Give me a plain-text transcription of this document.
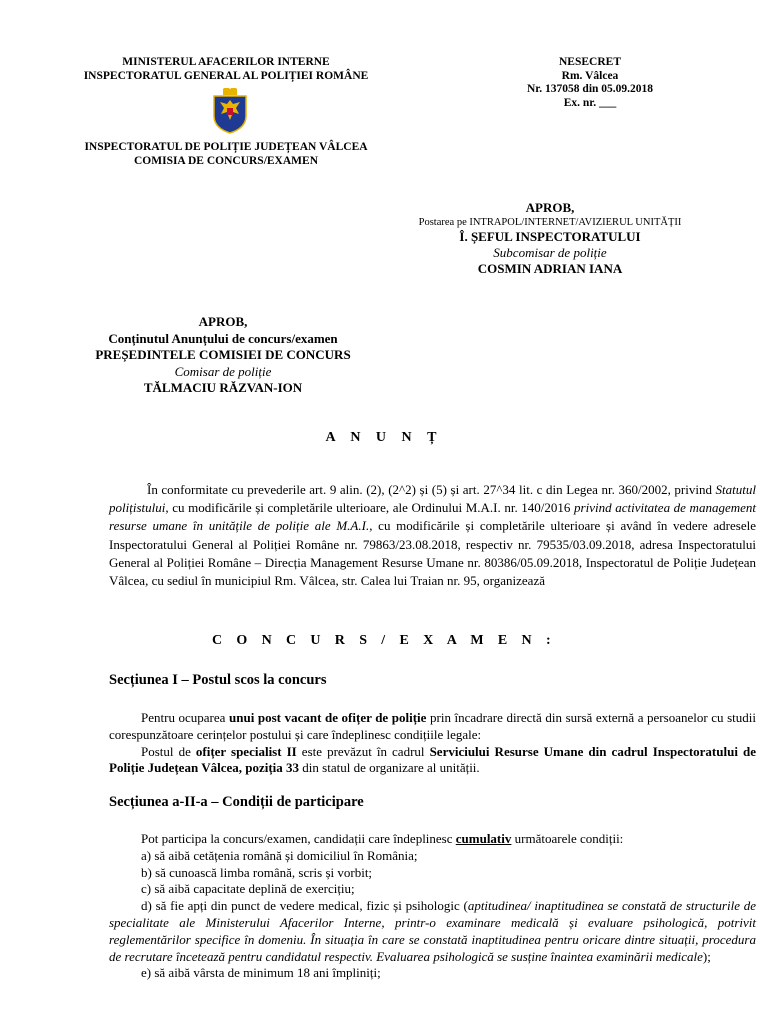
MINISTERUL AFACERILOR INTERNE
INSPECTORATUL GENERAL AL POLIȚIEI ROMÂNE
INSPECTORATUL DE POLIȚIE JUDEȚEAN VÂLCEA
COMISIA DE CONCURS/EXAMEN
NESECRET
Rm. Vâlcea
Nr. 137058 din 05.09.2018
Ex. nr. ___
APROB,
Postarea pe INTRAPOL/INTERNET/AVIZIERUL UNITĂȚII
Î. ȘEFUL INSPECTORATULUI
Subcomisar de poliție
COSMIN ADRIAN IANA
APROB,
Conținutul Anunțului de concurs/examen
PREȘEDINTELE COMISIEI DE CONCURS
Comisar de poliție
TĂLMACIU RĂZVAN-ION
A N U N Ț
În conformitate cu prevederile art. 9 alin. (2), (2^2) și (5) și art. 27^34 lit. c din Legea nr. 360/2002, privind Statutul polițistului, cu modificările și completările ulterioare, ale Ordinului M.A.I. nr. 140/2016 privind activitatea de management resurse umane în unitățile de poliție ale M.A.I., cu modificările și completările ulterioare și având în vedere adresele Inspectoratului General al Poliției Române nr. 79863/23.08.2018, respectiv nr. 79535/03.09.2018, adresa Inspectoratului General al Poliției Române – Direcția Management Resurse Umane nr. 80386/05.09.2018, Inspectoratul de Poliție Județean Vâlcea, cu sediul în municipiul Rm. Vâlcea, str. Calea lui Traian nr. 95, organizează
C O N C U R S / E X A M E N :
Secțiunea I – Postul scos la concurs

Pentru ocuparea unui post vacant de ofițer de poliție prin încadrare directă din sursă externă a persoanelor cu studii corespunzătoare cerințelor postului și care îndeplinesc condițiile legale:

Postul de ofițer specialist II este prevăzut în cadrul Serviciului Resurse Umane din cadrul Inspectoratului de Poliție Județean Vâlcea, poziția 33 din statul de organizare al unității.

Secțiunea a-II-a – Condiții de participare

Pot participa la concurs/examen, candidații care îndeplinesc cumulativ următoarele condiții:

a) să aibă cetățenia română și domiciliul în România;

b) să cunoască limba română, scris și vorbit;

c) să aibă capacitate deplină de exercițiu;

d) să fie apți din punct de vedere medical, fizic și psihologic (aptitudinea/ inaptitudinea se constată de structurile de specialitate ale Ministerului Afacerilor Interne, printr-o examinare medicală și evaluare psihologică, potrivit reglementărilor specifice în domeniu. În situația în care se constată inaptitudinea pentru oricare dintre situații, procedura de recrutare încetează pentru candidatul respectiv. Evaluarea psihologică se susține înaintea examinării medicale);

e) să aibă vârsta de minimum 18 ani împliniți;
